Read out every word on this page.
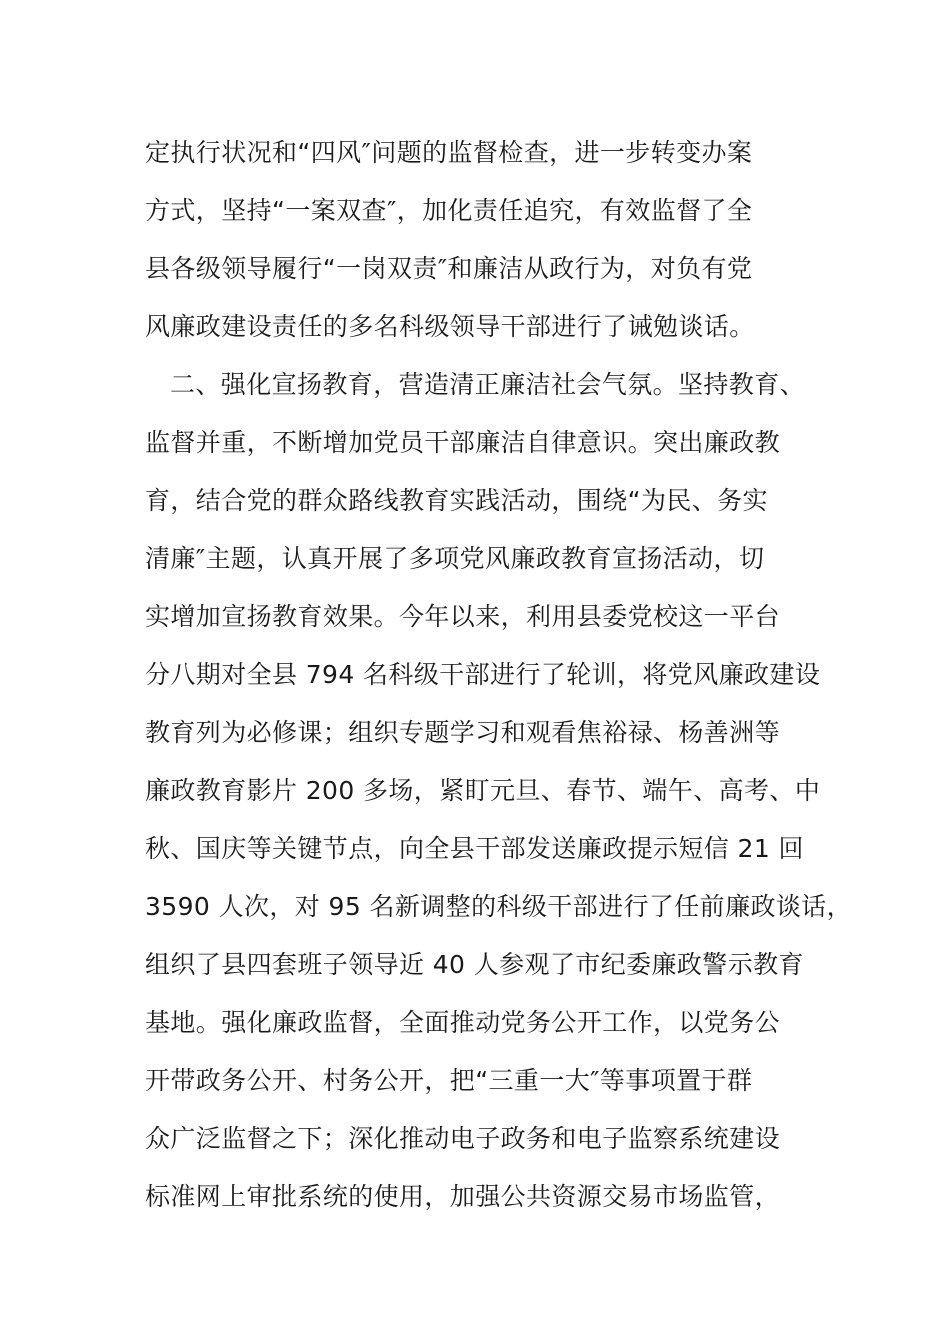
定执行状况和“四风″问题的监督检查，进一步转变办案
方式，坚持“一案双查″，加化责任追究，有效监督了全
县各级领导履行“一岗双责″和廉洁从政行为，对负有党
风廉政建设责任的多名科级领导干部进行了诫勉谈话。
二、强化宣扬教育，营造清正廉洁社会气氛。坚持教育、
监督并重，不断增加党员干部廉洁自律意识。突出廉政教
育，结合党的群众路线教育实践活动，围绕“为民、务实
清廉″主题，认真开展了多项党风廉政教育宣扬活动，切
实增加宣扬教育效果。今年以来，利用县委党校这一平台
分八期对全县 794 名科级干部进行了轮训，将党风廉政建设
教育列为必修课；组织专题学习和观看焦裕禄、杨善洲等
廉政教育影片 200 多场，紧盯元旦、春节、端午、高考、中
秋、国庆等关键节点，向全县干部发送廉政提示短信 21 回
3590 人次，对 95 名新调整的科级干部进行了任前廉政谈话，
组织了县四套班子领导近 40 人参观了市纪委廉政警示教育
基地。强化廉政监督，全面推动党务公开工作，以党务公
开带政务公开、村务公开，把“三重一大″等事项置于群
众广泛监督之下；深化推动电子政务和电子监察系统建设
标准网上审批系统的使用，加强公共资源交易市场监管，
